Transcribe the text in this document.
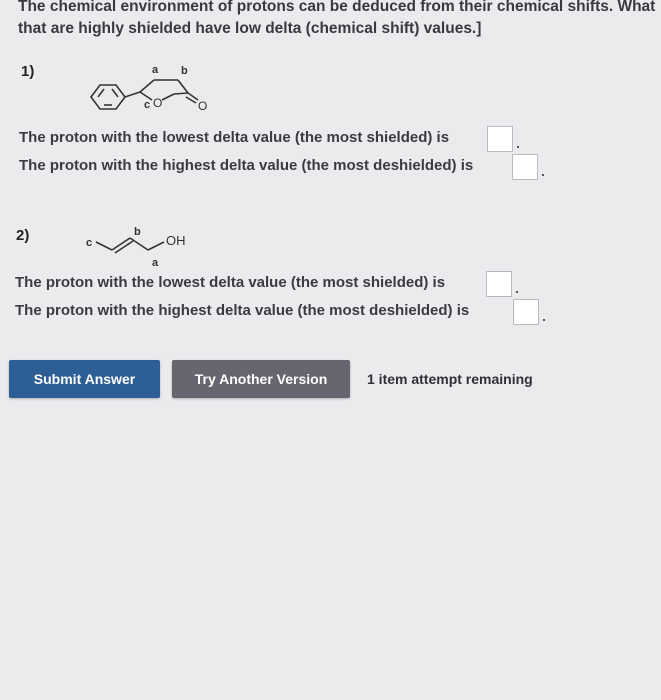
The chemical environment of protons can be deduced from their chemical shifts. What
that are highly shielded have low delta (chemical shift) values.]
1)	a b
c O	O
The proton with the lowest delta value (the most shielded) is
The proton with the highest delta value (the most deshielded) is
2)	c
b
a
OH
The proton with the lowest delta value (the most shielded) is
The proton with the highest delta value (the most deshielded) is
Submit Answer	Try Another Version	1 item attempt remaining
